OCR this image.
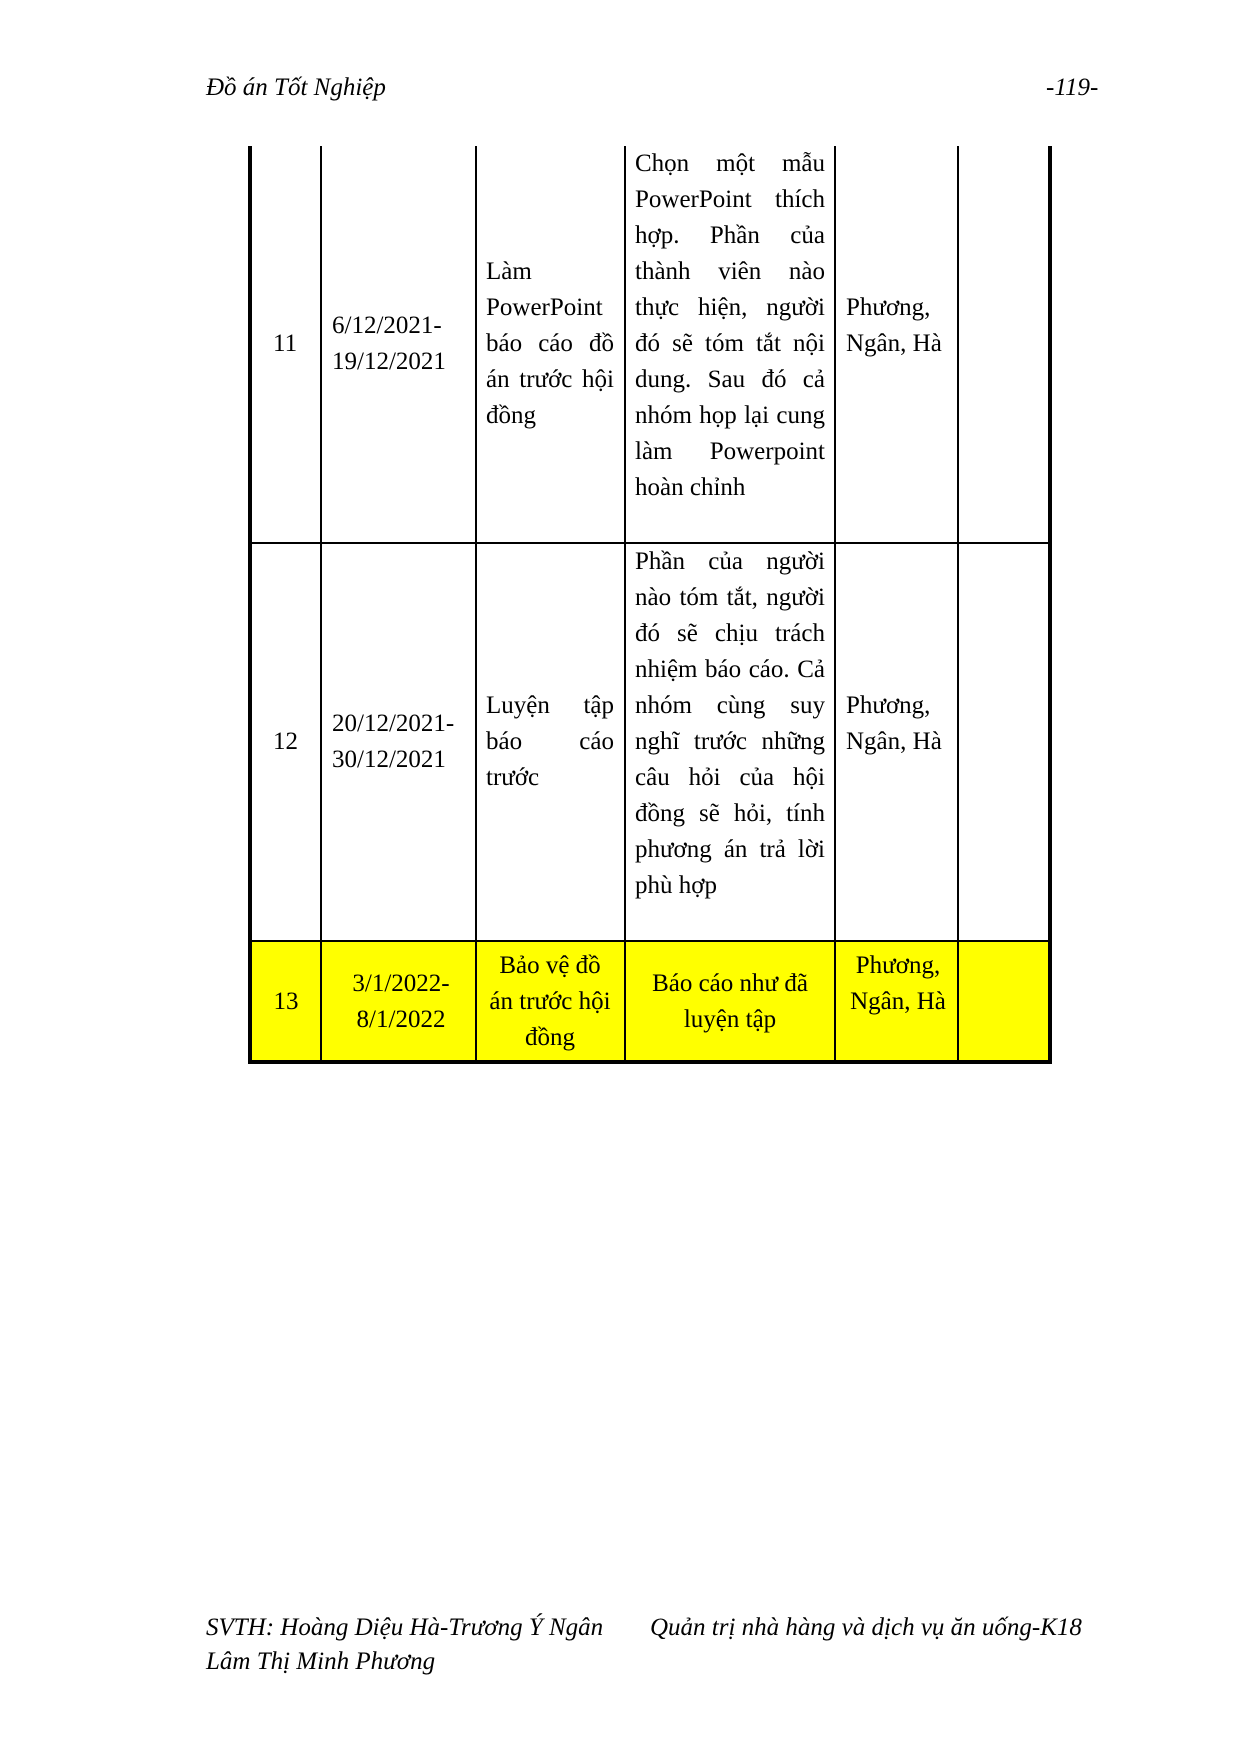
Đồ án Tốt Nghiệp	-119-
11
6/12/2021-19/12/2021
Làm PowerPoint báo cáo đồ án trước hội đồng
Chọn một mẫu PowerPoint thích hợp. Phần của thành viên nào thực hiện, người đó sẽ tóm tắt nội dung. Sau đó cả nhóm họp lại cung làm Powerpoint hoàn chỉnh
Phương, Ngân, Hà
12
20/12/2021-30/12/2021
Luyện tập báo cáo trước
Phần của người nào tóm tắt, người đó sẽ chịu trách nhiệm báo cáo. Cả nhóm cùng suy nghĩ trước những câu hỏi của hội đồng sẽ hỏi, tính phương án trả lời phù hợp
Phương, Ngân, Hà
13
3/1/2022-8/1/2022
Bảo vệ đồ án trước hội đồng
Báo cáo như đã luyện tập
Phương, Ngân, Hà
SVTH: Hoàng Diệu Hà-Trương Ý Ngân Quản trị nhà hàng và dịch vụ ăn uống-K18
Lâm Thị Minh Phương
